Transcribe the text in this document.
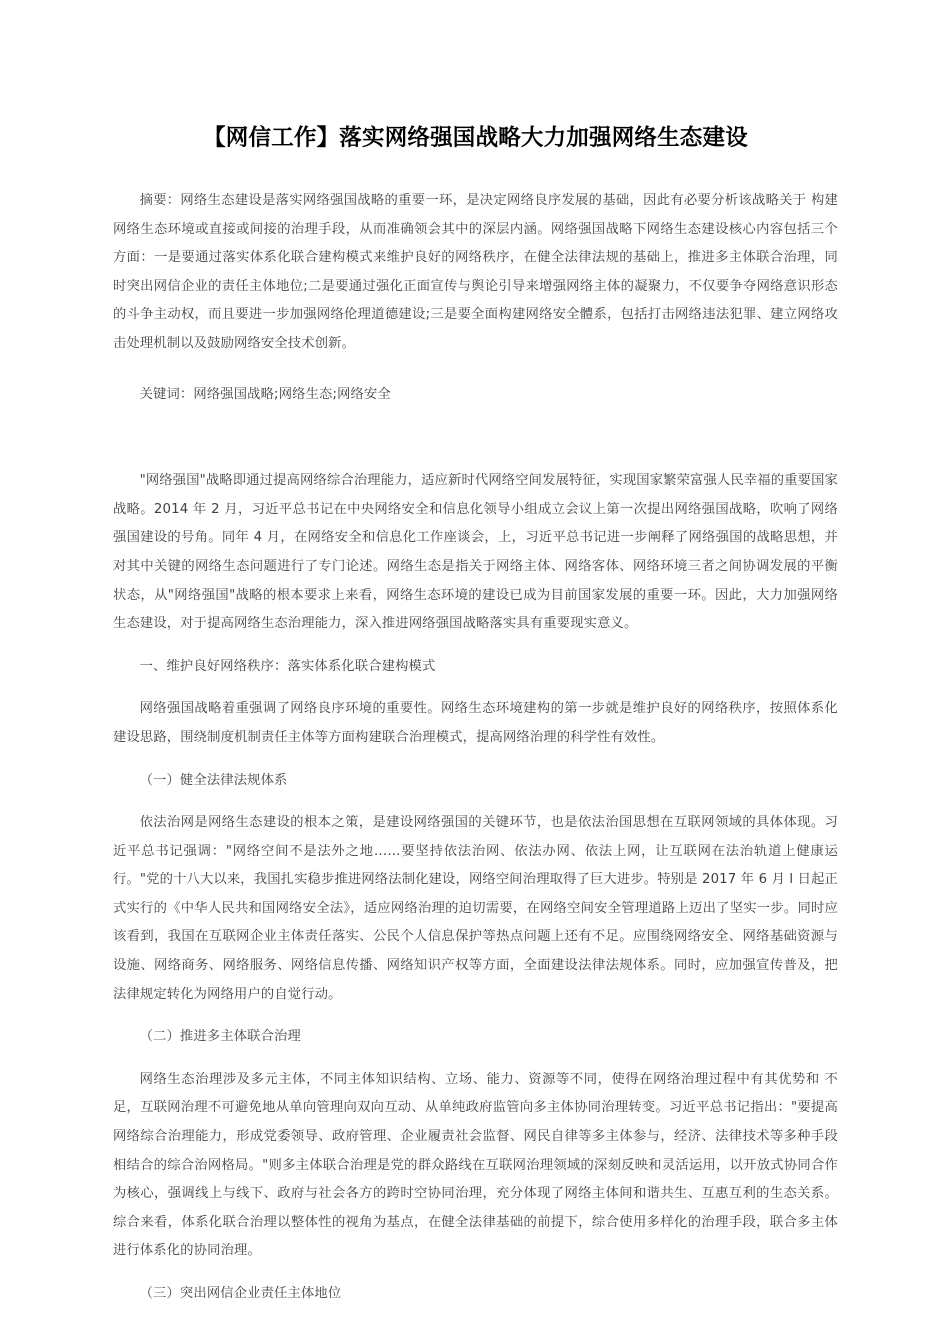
【网信工作】落实网络强国战略大力加强网络生态建设

摘要：网络生态建设是落实网络强国战略的重要一环，是决定网络良序发展的基础，因此有必要分析该战略关于 构建网络生态环境或直接或间接的治理手段，从而准确领会其中的深层内涵。网络强国战略下网络生态建设核心内容包括三个方面：一是要通过落实体系化联合建构模式来维护良好的网络秩序，在健全法律法规的基础上，推进多主体联合治理，同时突出网信企业的责任主体地位;二是要通过强化正面宣传与舆论引导来增强网络主体的凝聚力，不仅要争夺网络意识形态的斗争主动权，而且要进一步加强网络伦理道德建设;三是要全面构建网络安全體系，包括打击网络违法犯罪、建立网络攻击处理机制以及鼓励网络安全技术创新。

关键词：网络强国战略;网络生态;网络安全

"网络强国"战略即通过提高网络综合治理能力，适应新时代网络空间发展特征，实现国家繁荣富强人民幸福的重要国家战略。2014 年 2 月，习近平总书记在中央网络安全和信息化领导小组成立会议上第一次提出网络强国战略，吹响了网络强国建设的号角。同年 4 月，在网络安全和信息化工作座谈会，上，习近平总书记进一步阐释了网络强国的战略思想，并对其中关键的网络生态问题进行了专门论述。网络生态是指关于网络主体、网络客体、网络环境三者之间协调发展的平衡状态，从"网络强国"战略的根本要求上来看，网络生态环境的建设已成为目前国家发展的重要一环。因此，大力加强网络生态建设，对于提高网络生态治理能力，深入推进网络强国战略落实具有重要现实意义。

一、维护良好网络秩序：落实体系化联合建构模式

网络强国战略着重强调了网络良序环境的重要性。网络生态环境建构的第一步就是维护良好的网络秩序，按照体系化建设思路，围绕制度机制责任主体等方面构建联合治理模式，提高网络治理的科学性有效性。

（一）健全法律法规体系

依法治网是网络生态建设的根本之策，是建设网络强国的关键环节，也是依法治国思想在互联网领域的具体体现。习近平总书记强调："网络空间不是法外之地……要坚持依法治网、依法办网、依法上网，让互联网在法治轨道上健康运行。"党的十八大以来，我国扎实稳步推进网络法制化建设，网络空间治理取得了巨大进步。特别是 2017 年 6 月 l 日起正式实行的《中华人民共和国网络安全法》，适应网络治理的迫切需要，在网络空间安全管理道路上迈出了坚实一步。同时应该看到，我国在互联网企业主体责任落实、公民个人信息保护等热点问题上还有不足。应围绕网络安全、网络基础资源与设施、网络商务、网络服务、网络信息传播、网络知识产权等方面，全面建设法律法规体系。同时，应加强宣传普及，把法律规定转化为网络用户的自觉行动。

（二）推进多主体联合治理

网络生态治理涉及多元主体，不同主体知识结构、立场、能力、资源等不同，使得在网络治理过程中有其优势和 不足，互联网治理不可避免地从单向管理向双向互动、从单纯政府监管向多主体协同治理转变。习近平总书记指出："要提高网络综合治理能力，形成党委领导、政府管理、企业履责社会监督、网民自律等多主体参与，经济、法律技术等多种手段相结合的综合治网格局。"则多主体联合治理是党的群众路线在互联网治理领域的深刻反映和灵活运用，以开放式协同合作为核心，强调线上与线下、政府与社会各方的跨时空协同治理，充分体现了网络主体间和谐共生、互惠互利的生态关系。综合来看，体系化联合治理以整体性的视角为基点，在健全法律基础的前提下，综合使用多样化的治理手段，联合多主体进行体系化的协同治理。

（三）突出网信企业责任主体地位
